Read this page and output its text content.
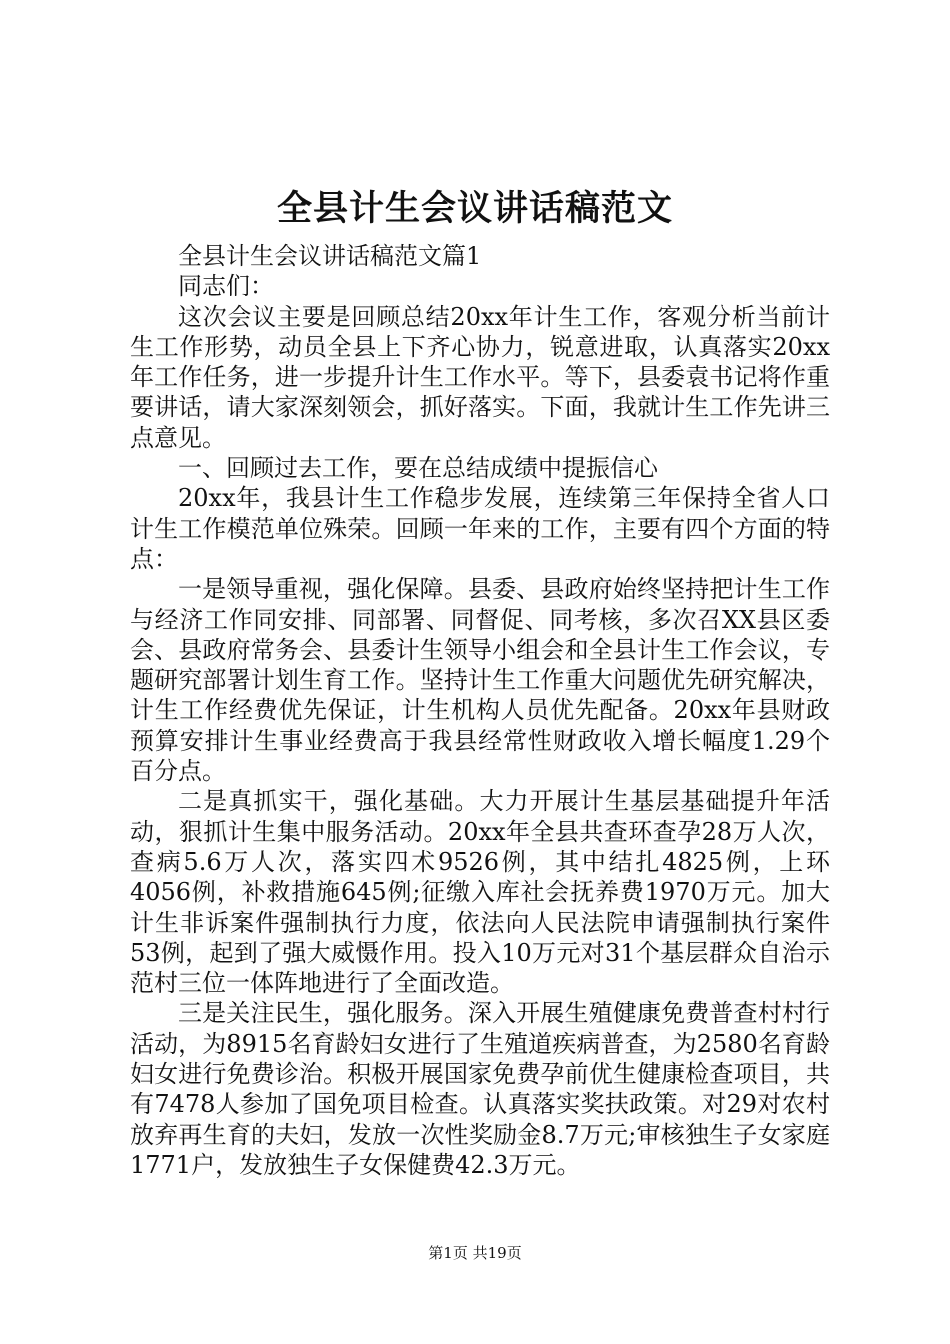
全县计生会议讲话稿范文

全县计生会议讲话稿范文篇1

同志们：

这次会议主要是回顾总结20xx年计生工作，客观分析当前计生工作形势，动员全县上下齐心协力，锐意进取，认真落实20xx年工作任务，进一步提升计生工作水平。等下，县委袁书记将作重要讲话，请大家深刻领会，抓好落实。下面，我就计生工作先讲三点意见。

一、回顾过去工作，要在总结成绩中提振信心

20xx年，我县计生工作稳步发展，连续第三年保持全省人口计生工作模范单位殊荣。回顾一年来的工作，主要有四个方面的特点：

一是领导重视，强化保障。县委、县政府始终坚持把计生工作与经济工作同安排、同部署、同督促、同考核，多次召XX县区委会、县政府常务会、县委计生领导小组会和全县计生工作会议，专题研究部署计划生育工作。坚持计生工作重大问题优先研究解决，计生工作经费优先保证，计生机构人员优先配备。20xx年县财政预算安排计生事业经费高于我县经常性财政收入增长幅度1.29个百分点。

二是真抓实干，强化基础。大力开展计生基层基础提升年活动，狠抓计生集中服务活动。20xx年全县共查环查孕28万人次，查病5.6万人次，落实四术9526例，其中结扎4825例，上环4056例，补救措施645例;征缴入库社会抚养费1970万元。加大计生非诉案件强制执行力度，依法向人民法院申请强制执行案件53例，起到了强大威慑作用。投入10万元对31个基层群众自治示范村三位一体阵地进行了全面改造。

三是关注民生，强化服务。深入开展生殖健康免费普查村村行活动，为8915名育龄妇女进行了生殖道疾病普查，为2580名育龄妇女进行免费诊治。积极开展国家免费孕前优生健康检查项目，共有7478人参加了国免项目检查。认真落实奖扶政策。对29对农村放弃再生育的夫妇，发放一次性奖励金8.7万元;审核独生子女家庭1771户，发放独生子女保健费42.3万元。

第1页 共19页
